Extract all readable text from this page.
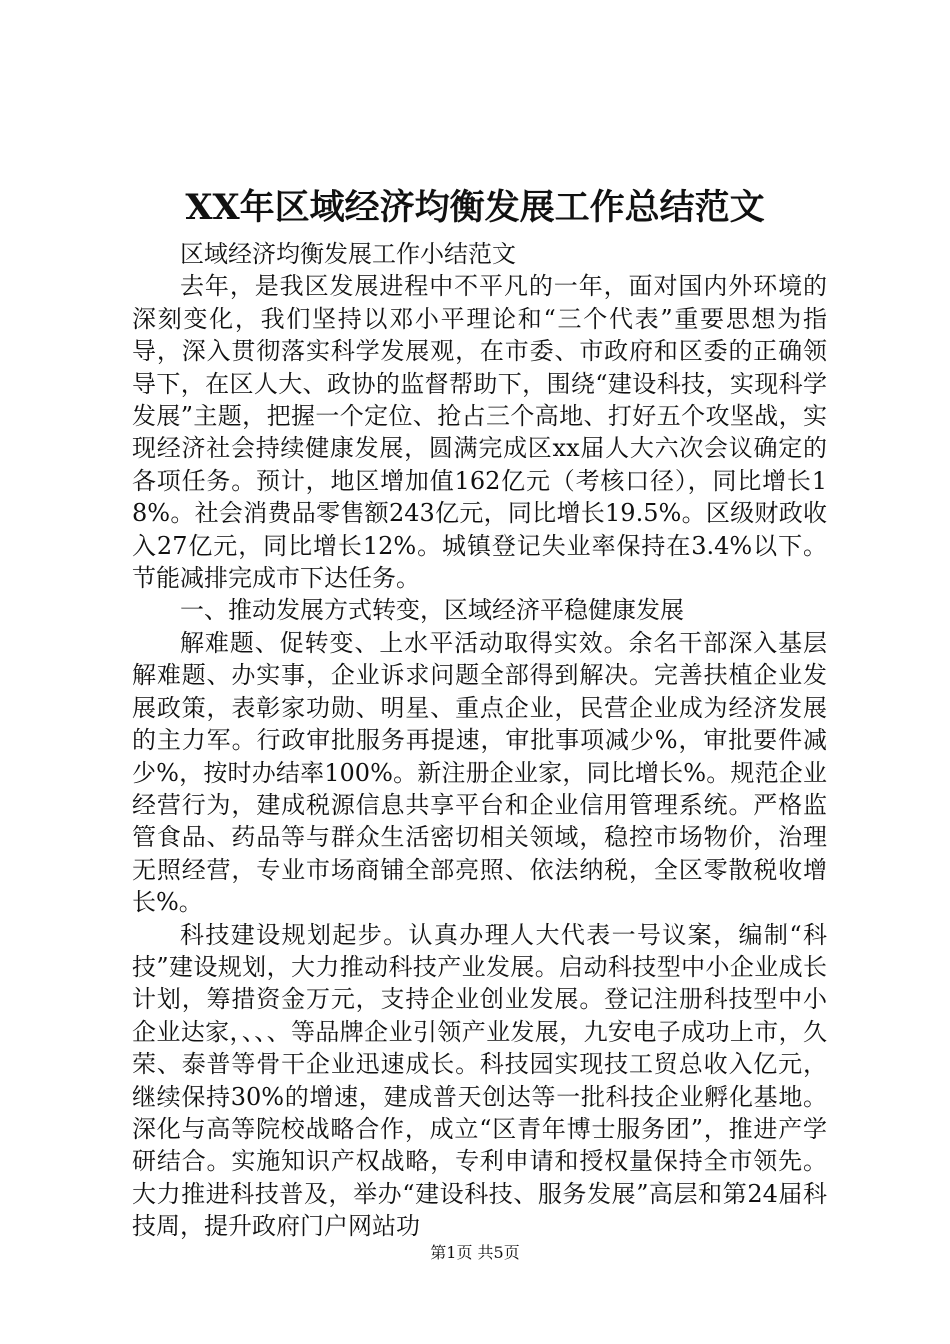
XX年区域经济均衡发展工作总结范文

区域经济均衡发展工作小结范文

去年，是我区发展进程中不平凡的一年，面对国内外环境的深刻变化，我们坚持以邓小平理论和“三个代表”重要思想为指导，深入贯彻落实科学发展观，在市委、市政府和区委的正确领导下，在区人大、政协的监督帮助下，围绕“建设科技，实现科学发展”主题，把握一个定位、抢占三个高地、打好五个攻坚战，实现经济社会持续健康发展，圆满完成区xx届人大六次会议确定的各项任务。预计，地区增加值162亿元（考核口径），同比增长18%。社会消费品零售额243亿元，同比增长19.5%。区级财政收入27亿元，同比增长12%。城镇登记失业率保持在3.4%以下。节能减排完成市下达任务。

一、推动发展方式转变，区域经济平稳健康发展

解难题、促转变、上水平活动取得实效。余名干部深入基层解难题、办实事，企业诉求问题全部得到解决。完善扶植企业发展政策，表彰家功勋、明星、重点企业，民营企业成为经济发展的主力军。行政审批服务再提速，审批事项减少%，审批要件减少%，按时办结率100%。新注册企业家，同比增长%。规范企业经营行为，建成税源信息共享平台和企业信用管理系统。严格监管食品、药品等与群众生活密切相关领域，稳控市场物价，治理无照经营，专业市场商铺全部亮照、依法纳税，全区零散税收增长%。

科技建设规划起步。认真办理人大代表一号议案，编制“科技”建设规划，大力推动科技产业发展。启动科技型中小企业成长计划，筹措资金万元，支持企业创业发展。登记注册科技型中小企业达家，、、、等品牌企业引领产业发展，九安电子成功上市，久荣、泰普等骨干企业迅速成长。科技园实现技工贸总收入亿元，继续保持30%的增速，建成普天创达等一批科技企业孵化基地。深化与高等院校战略合作，成立“区青年博士服务团”，推进产学研结合。实施知识产权战略，专利申请和授权量保持全市领先。大力推进科技普及，举办“建设科技、服务发展”高层和第24届科技周，提升政府门户网站功

第1页 共5页
